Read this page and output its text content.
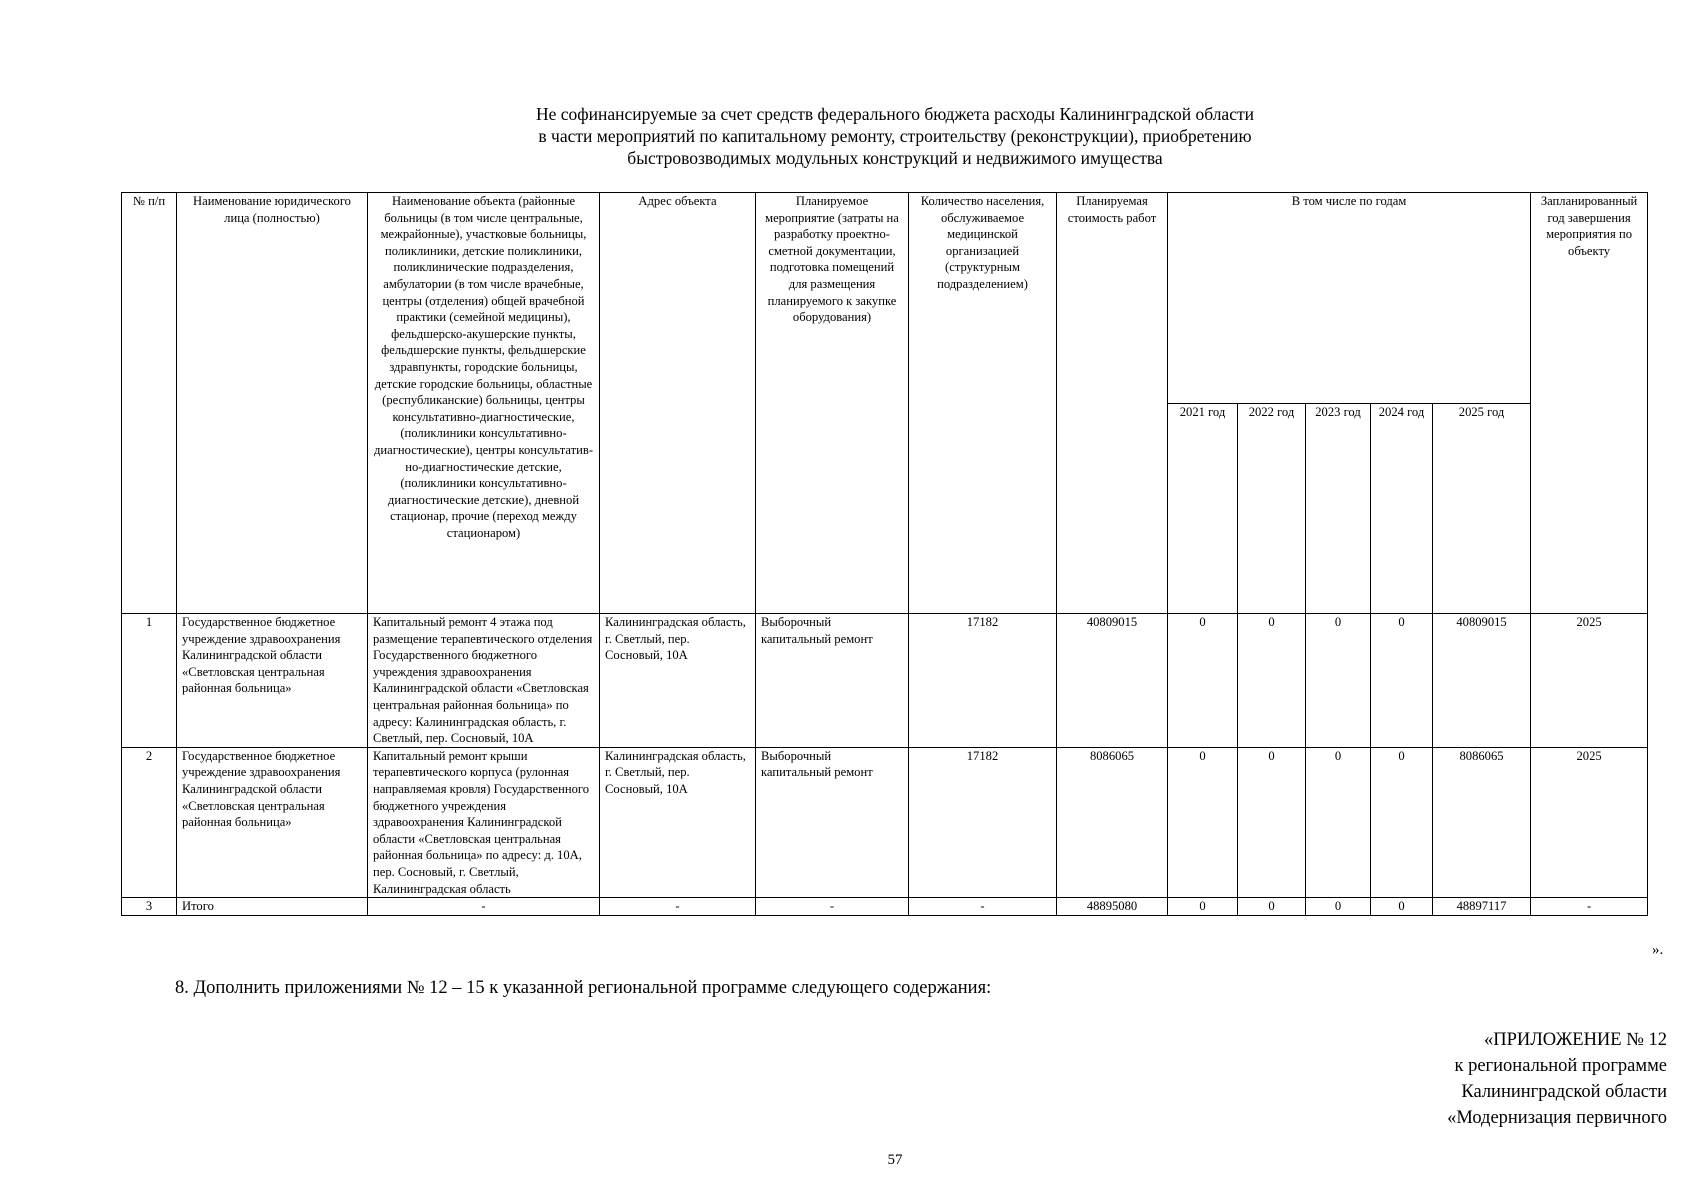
Не софинансируемые за счет средств федерального бюджета расходы Калининградской области
в части мероприятий по капитальному ремонту, строительству (реконструкции), приобретению
быстровозводимых модульных конструкций и недвижимого имущества
№ п/п	Наименование юридического лица (полностью)	Наименование объекта (районные больницы (в том числе центральные, межрайонные), участковые больницы, поликлиники, детские поликлиники, поликлинические подразделения, амбулатории (в том числе врачебные, центры (отделения) общей врачебной практики (семейной медицины), фельдшерско-акушерские пункты, фельдшерские пункты, фельдшерские здравпункты, городские больницы, детские городские больницы, областные (республиканские) больницы, центры консультативно-диагностические, (поликлиники консультативно-диагностические), центры консультативно-диагностические детские, (поликлиники консультативно-диагностические детские), дневной стационар, прочие (переход между стационаром)	Адрес объекта	Планируемое мероприятие (затраты на разработку проектно-сметной документации, подготовка помещений для размещения планируемого к закупке оборудования)	Количество населения, обслуживаемое медицинской организацией (структурным подразделением)	Планируемая стоимость работ	В том числе по годам					Запланированный год завершения мероприятия по объекту
							2021 год	2022 год	2023 год	2024 год	2025 год	
1	Государственное бюджетное учреждение здравоохранения Калининградской области «Светловская центральная районная больница»	Капитальный ремонт 4 этажа под размещение терапевтического отделения Государственного бюджетного учреждения здравоохранения Калининградской области «Светловская центральная районная больница» по адресу: Калининградская область, г. Светлый, пер. Сосновый, 10А	Калининградская область, г. Светлый, пер. Сосновый, 10А	Выборочный капитальный ремонт	17182	40809015	0	0	0	0	40809015	2025
2	Государственное бюджетное учреждение здравоохранения Калининградской области «Светловская центральная районная больница»	Капитальный ремонт крыши терапевтического корпуса (рулонная направляемая кровля) Государственного бюджетного учреждения здравоохранения Калининградской области «Светловская центральная районная больница» по адресу: д. 10А, пер. Сосновый, г. Светлый, Калининградская область	Калининградская область, г. Светлый, пер. Сосновый, 10А	Выборочный капитальный ремонт	17182	8086065	0	0	0	0	8086065	2025
3	Итого	-	-	-	-	48895080	0	0	0	0	48897117	-
».
8. Дополнить приложениями № 12 – 15 к указанной региональной программе следующего содержания:
«ПРИЛОЖЕНИЕ № 12
к региональной программе
Калининградской области
«Модернизация первичного
57
